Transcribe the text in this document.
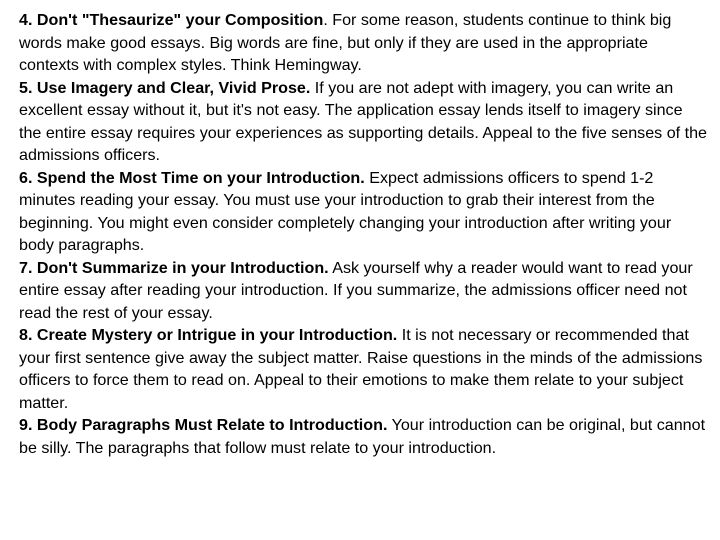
4. Don't "Thesaurize" your Composition. For some reason, students continue to think big words make good essays. Big words are fine, but only if they are used in the appropriate contexts with complex styles. Think Hemingway.

5. Use Imagery and Clear, Vivid Prose. If you are not adept with imagery, you can write an excellent essay without it, but it's not easy. The application essay lends itself to imagery since the entire essay requires your experiences as supporting details. Appeal to the five senses of the admissions officers.

6. Spend the Most Time on your Introduction. Expect admissions officers to spend 1-2 minutes reading your essay. You must use your introduction to grab their interest from the beginning. You might even consider completely changing your introduction after writing your body paragraphs.

7. Don't Summarize in your Introduction. Ask yourself why a reader would want to read your entire essay after reading your introduction. If you summarize, the admissions officer need not read the rest of your essay.

8. Create Mystery or Intrigue in your Introduction. It is not necessary or recommended that your first sentence give away the subject matter. Raise questions in the minds of the admissions officers to force them to read on. Appeal to their emotions to make them relate to your subject matter.

9. Body Paragraphs Must Relate to Introduction. Your introduction can be original, but cannot be silly. The paragraphs that follow must relate to your introduction.
